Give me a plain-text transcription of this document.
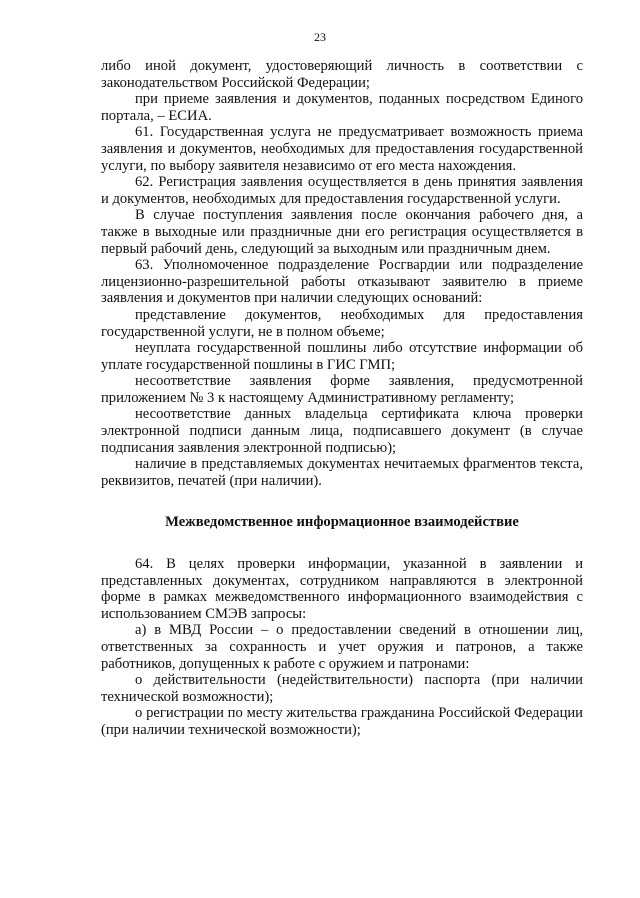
23

либо иной документ, удостоверяющий личность в соответствии с законодательством Российской Федерации;

при приеме заявления и документов, поданных посредством Единого портала, – ЕСИА.

61. Государственная услуга не предусматривает возможность приема заявления и документов, необходимых для предоставления государственной услуги, по выбору заявителя независимо от его места нахождения.

62. Регистрация заявления осуществляется в день принятия заявления и документов, необходимых для предоставления государственной услуги.

В случае поступления заявления после окончания рабочего дня, а также в выходные или праздничные дни его регистрация осуществляется в первый рабочий день, следующий за выходным или праздничным днем.

63. Уполномоченное подразделение Росгвардии или подразделение лицензионно-разрешительной работы отказывают заявителю в приеме заявления и документов при наличии следующих оснований:

представление документов, необходимых для предоставления государственной услуги, не в полном объеме;

неуплата государственной пошлины либо отсутствие информации об уплате государственной пошлины в ГИС ГМП;

несоответствие заявления форме заявления, предусмотренной приложением № 3 к настоящему Административному регламенту;

несоответствие данных владельца сертификата ключа проверки электронной подписи данным лица, подписавшего документ (в случае подписания заявления электронной подписью);

наличие в представляемых документах нечитаемых фрагментов текста, реквизитов, печатей (при наличии).

Межведомственное информационное взаимодействие

64. В целях проверки информации, указанной в заявлении и представленных документах, сотрудником направляются в электронной форме в рамках межведомственного информационного взаимодействия с использованием СМЭВ запросы:

а) в МВД России – о предоставлении сведений в отношении лиц, ответственных за сохранность и учет оружия и патронов, а также работников, допущенных к работе с оружием и патронами:

о действительности (недействительности) паспорта (при наличии технической возможности);

о регистрации по месту жительства гражданина Российской Федерации (при наличии технической возможности);
